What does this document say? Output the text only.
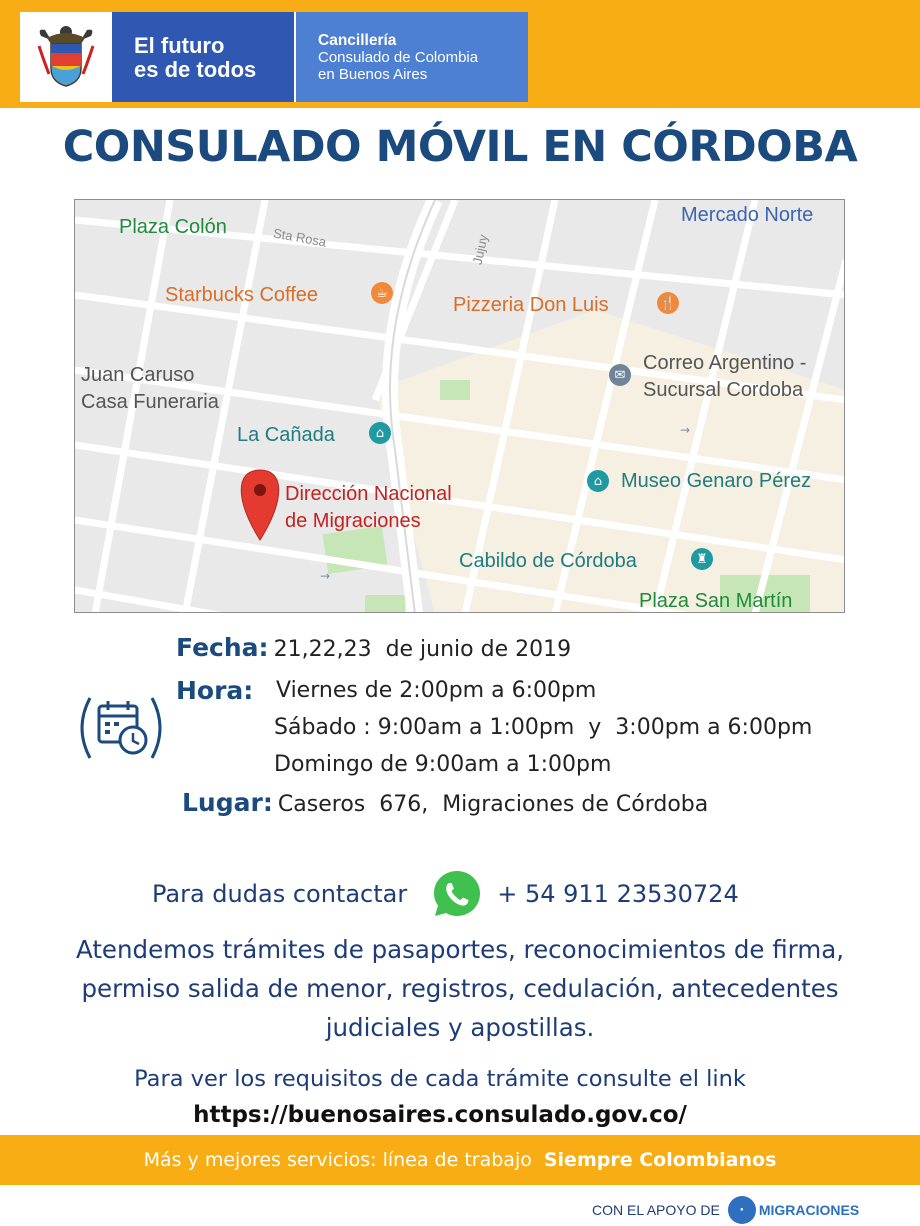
El futuro
es de todos
Cancillería
Consulado de Colombia
en Buenos Aires
CONSULADO MÓVIL EN CÓRDOBA
→
→
Plaza Colón	Sta Rosa	Jujuy
Mercado Norte
Starbucks Coffee	☕
Pizzeria Don Luis	🍴
Juan Caruso
Casa Funeraria
✉
Correo Argentino -
Sucursal Cordoba
La Cañada	⌂
⌂ Museo Genaro Pérez
Dirección Nacional
de Migraciones
Cabildo de Córdoba	♜
Plaza San Martín
Fecha: 21,22,23  de junio de 2019
Hora: Viernes de 2:00pm a 6:00pm
Sábado : 9:00am a 1:00pm  y  3:00pm a 6:00pm
Domingo de 9:00am a 1:00pm
Lugar: Caseros  676,  Migraciones de Córdoba
Para dudas contactar	+ 54 911 23530724
Atendemos trámites de pasaportes, reconocimientos de firma,
permiso salida de menor, registros, cedulación, antecedentes
judiciales y apostillas.
Para ver los requisitos de cada trámite consulte el link
https://buenosaires.consulado.gov.co/
Más y mejores servicios: línea de trabajo Siempre Colombianos
CON EL APOYO DE	●	MIGRACIONES
